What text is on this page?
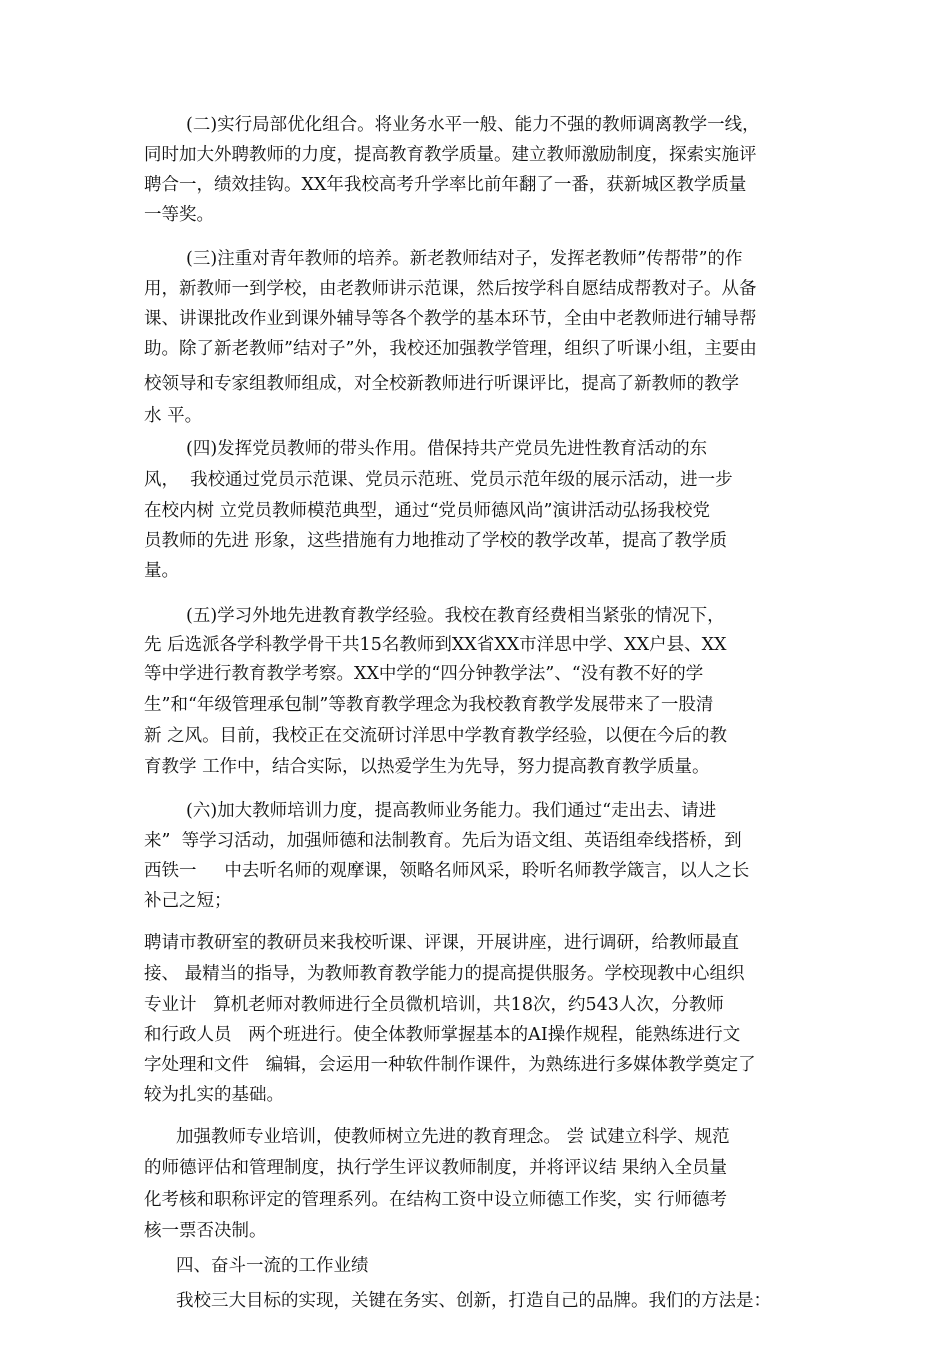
(二)实行局部优化组合。将业务水平一般、能力不强的教师调离教学一线，

同时加大外聘教师的力度，提高教育教学质量。建立教师激励制度，探索实施评

聘合一，绩效挂钩。XX年我校高考升学率比前年翻了一番，获新城区教学质量

一等奖。

(三)注重对青年教师的培养。新老教师结对子，发挥老教师”传帮带”的作

用，新教师一到学校，由老教师讲示范课，然后按学科自愿结成帮教对子。从备

课、讲课批改作业到课外辅导等各个教学的基本环节，全由中老教师进行辅导帮

助。除了新老教师”结对子”外，我校还加强教学管理，组织了听课小组，主要由

校领导和专家组教师组成，对全校新教师进行听课评比，提高了新教师的教学

水 平。

(四)发挥党员教师的带头作用。借保持共产党员先进性教育活动的东

风，  我校通过党员示范课、党员示范班、党员示范年级的展示活动，进一步

在校内树 立党员教师模范典型，通过“党员师德风尚”演讲活动弘扬我校党

员教师的先进 形象，这些措施有力地推动了学校的教学改革，提高了教学质

量。

(五)学习外地先进教育教学经验。我校在教育经费相当紧张的情况下，

先 后选派各学科教学骨干共15名教师到XX省XX市洋思中学、XX户县、XX

等中学进行教育教学考察。XX中学的“四分钟教学法”、“没有教不好的学

生”和“年级管理承包制”等教育教学理念为我校教育教学发展带来了一股清

新 之风。目前，我校正在交流研讨洋思中学教育教学经验，以便在今后的教

育教学 工作中，结合实际，以热爱学生为先导，努力提高教育教学质量。

(六)加大教师培训力度，提高教师业务能力。我们通过“走出去、请进

来”  等学习活动，加强师德和法制教育。先后为语文组、英语组牵线搭桥，到

西铁一     中去听名师的观摩课，领略名师风采，聆听名师教学箴言，以人之长

补己之短；

聘请市教研室的教研员来我校听课、评课，开展讲座，进行调研，给教师最直

接、 最精当的指导，为教师教育教学能力的提高提供服务。学校现教中心组织

专业计   算机老师对教师进行全员微机培训，共18次，约543人次，分教师

和行政人员   两个班进行。使全体教师掌握基本的AI操作规程，能熟练进行文

字处理和文件   编辑，会运用一种软件制作课件，为熟练进行多媒体教学奠定了

较为扎实的基础。

加强教师专业培训，使教师树立先进的教育理念。 尝 试建立科学、规范

的师德评估和管理制度，执行学生评议教师制度，并将评议结 果纳入全员量

化考核和职称评定的管理系列。在结构工资中设立师德工作奖，实 行师德考

核一票否决制。

四、奋斗一流的工作业绩

我校三大目标的实现，关键在务实、创新，打造自己的品牌。我们的方法是：
